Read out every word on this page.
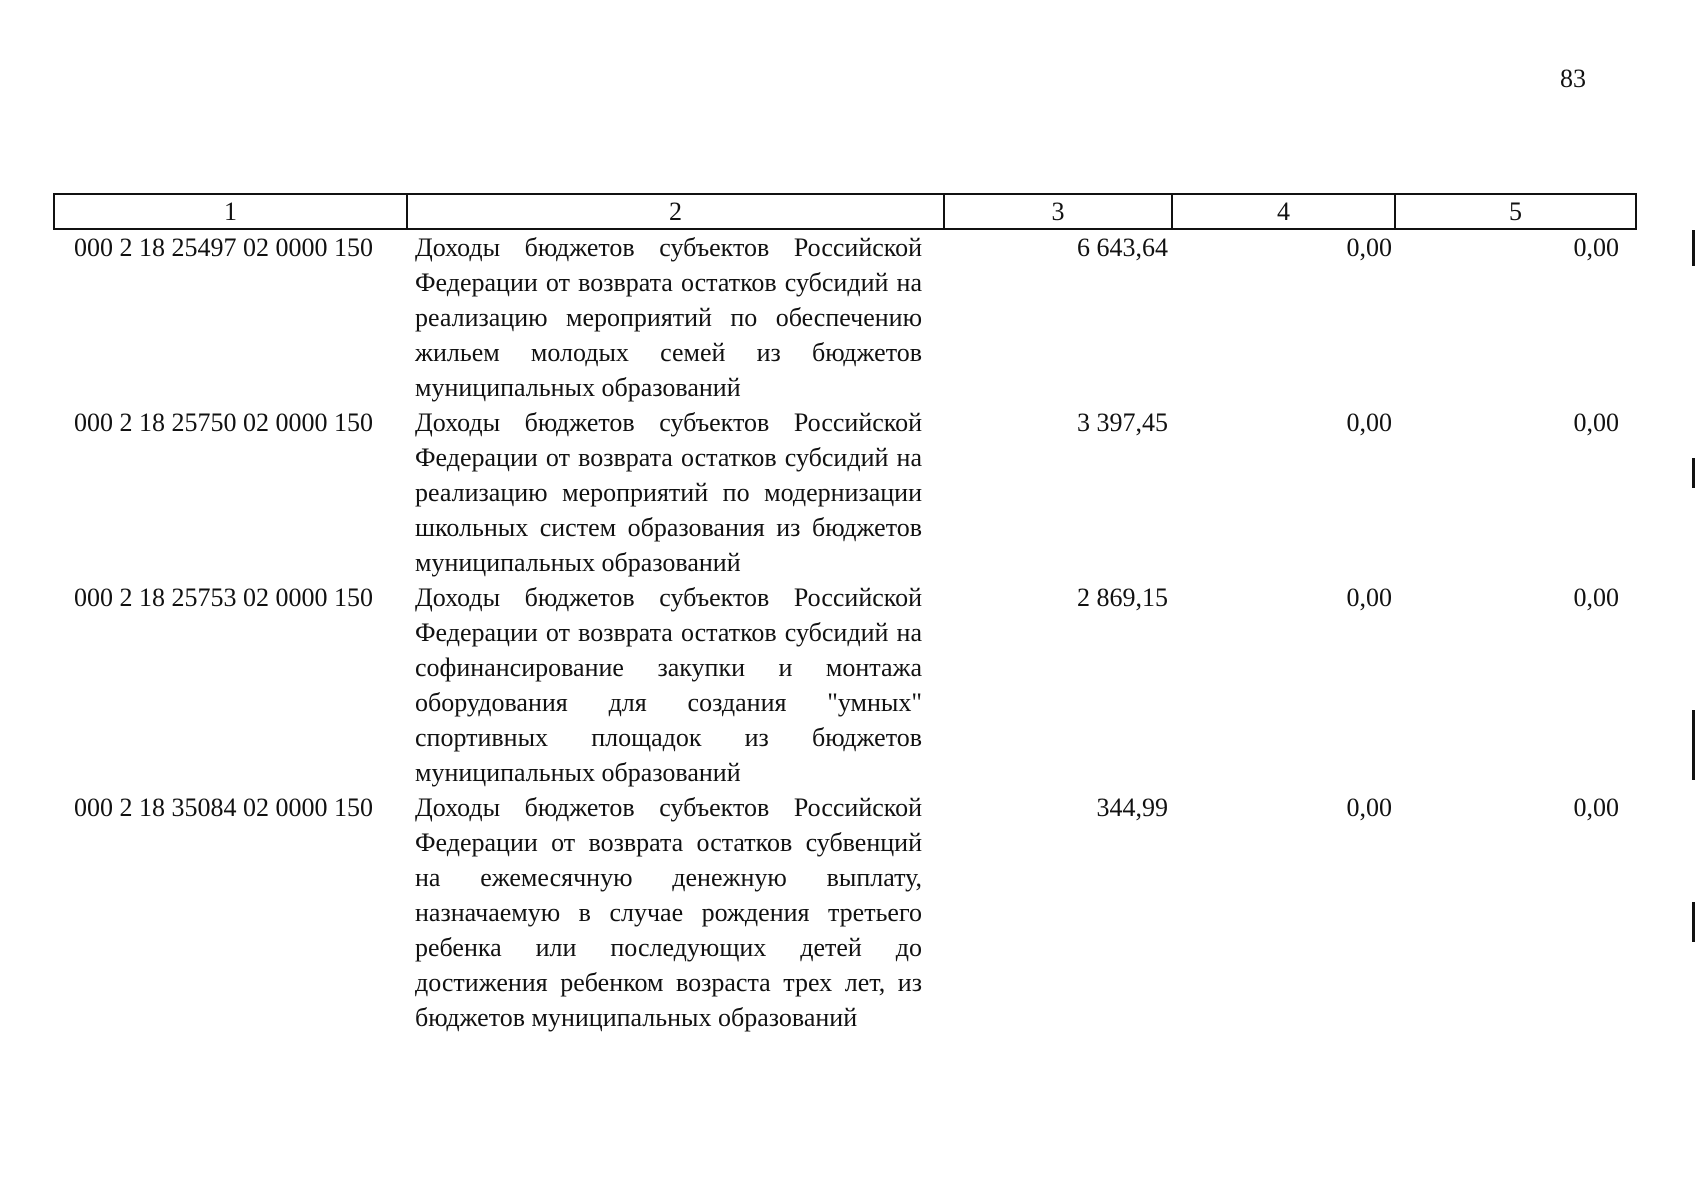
83
1	2	3	4	5
000 2 18 25497 02 0000 150	Доходы бюджетов субъектов Российской Федерации от возврата остатков субсидий на реализацию мероприятий по обеспечению жильем молодых семей из бюджетов муниципальных образований	6 643,64	0,00	0,00
000 2 18 25750 02 0000 150	Доходы бюджетов субъектов Российской Федерации от возврата остатков субсидий на реализацию мероприятий по модернизации школьных систем образования из бюджетов муниципальных образований	3 397,45	0,00	0,00
000 2 18 25753 02 0000 150	Доходы бюджетов субъектов Российской Федерации от возврата остатков субсидий на софинансирование закупки и монтажа оборудования для создания "умных" спортивных площадок из бюджетов муниципальных образований	2 869,15	0,00	0,00
000 2 18 35084 02 0000 150	Доходы бюджетов субъектов Российской Федерации от возврата остатков субвенций на ежемесячную денежную выплату, назначаемую в случае рождения третьего ребенка или последующих детей до достижения ребенком возраста трех лет, из бюджетов муниципальных образований	344,99	0,00	0,00
